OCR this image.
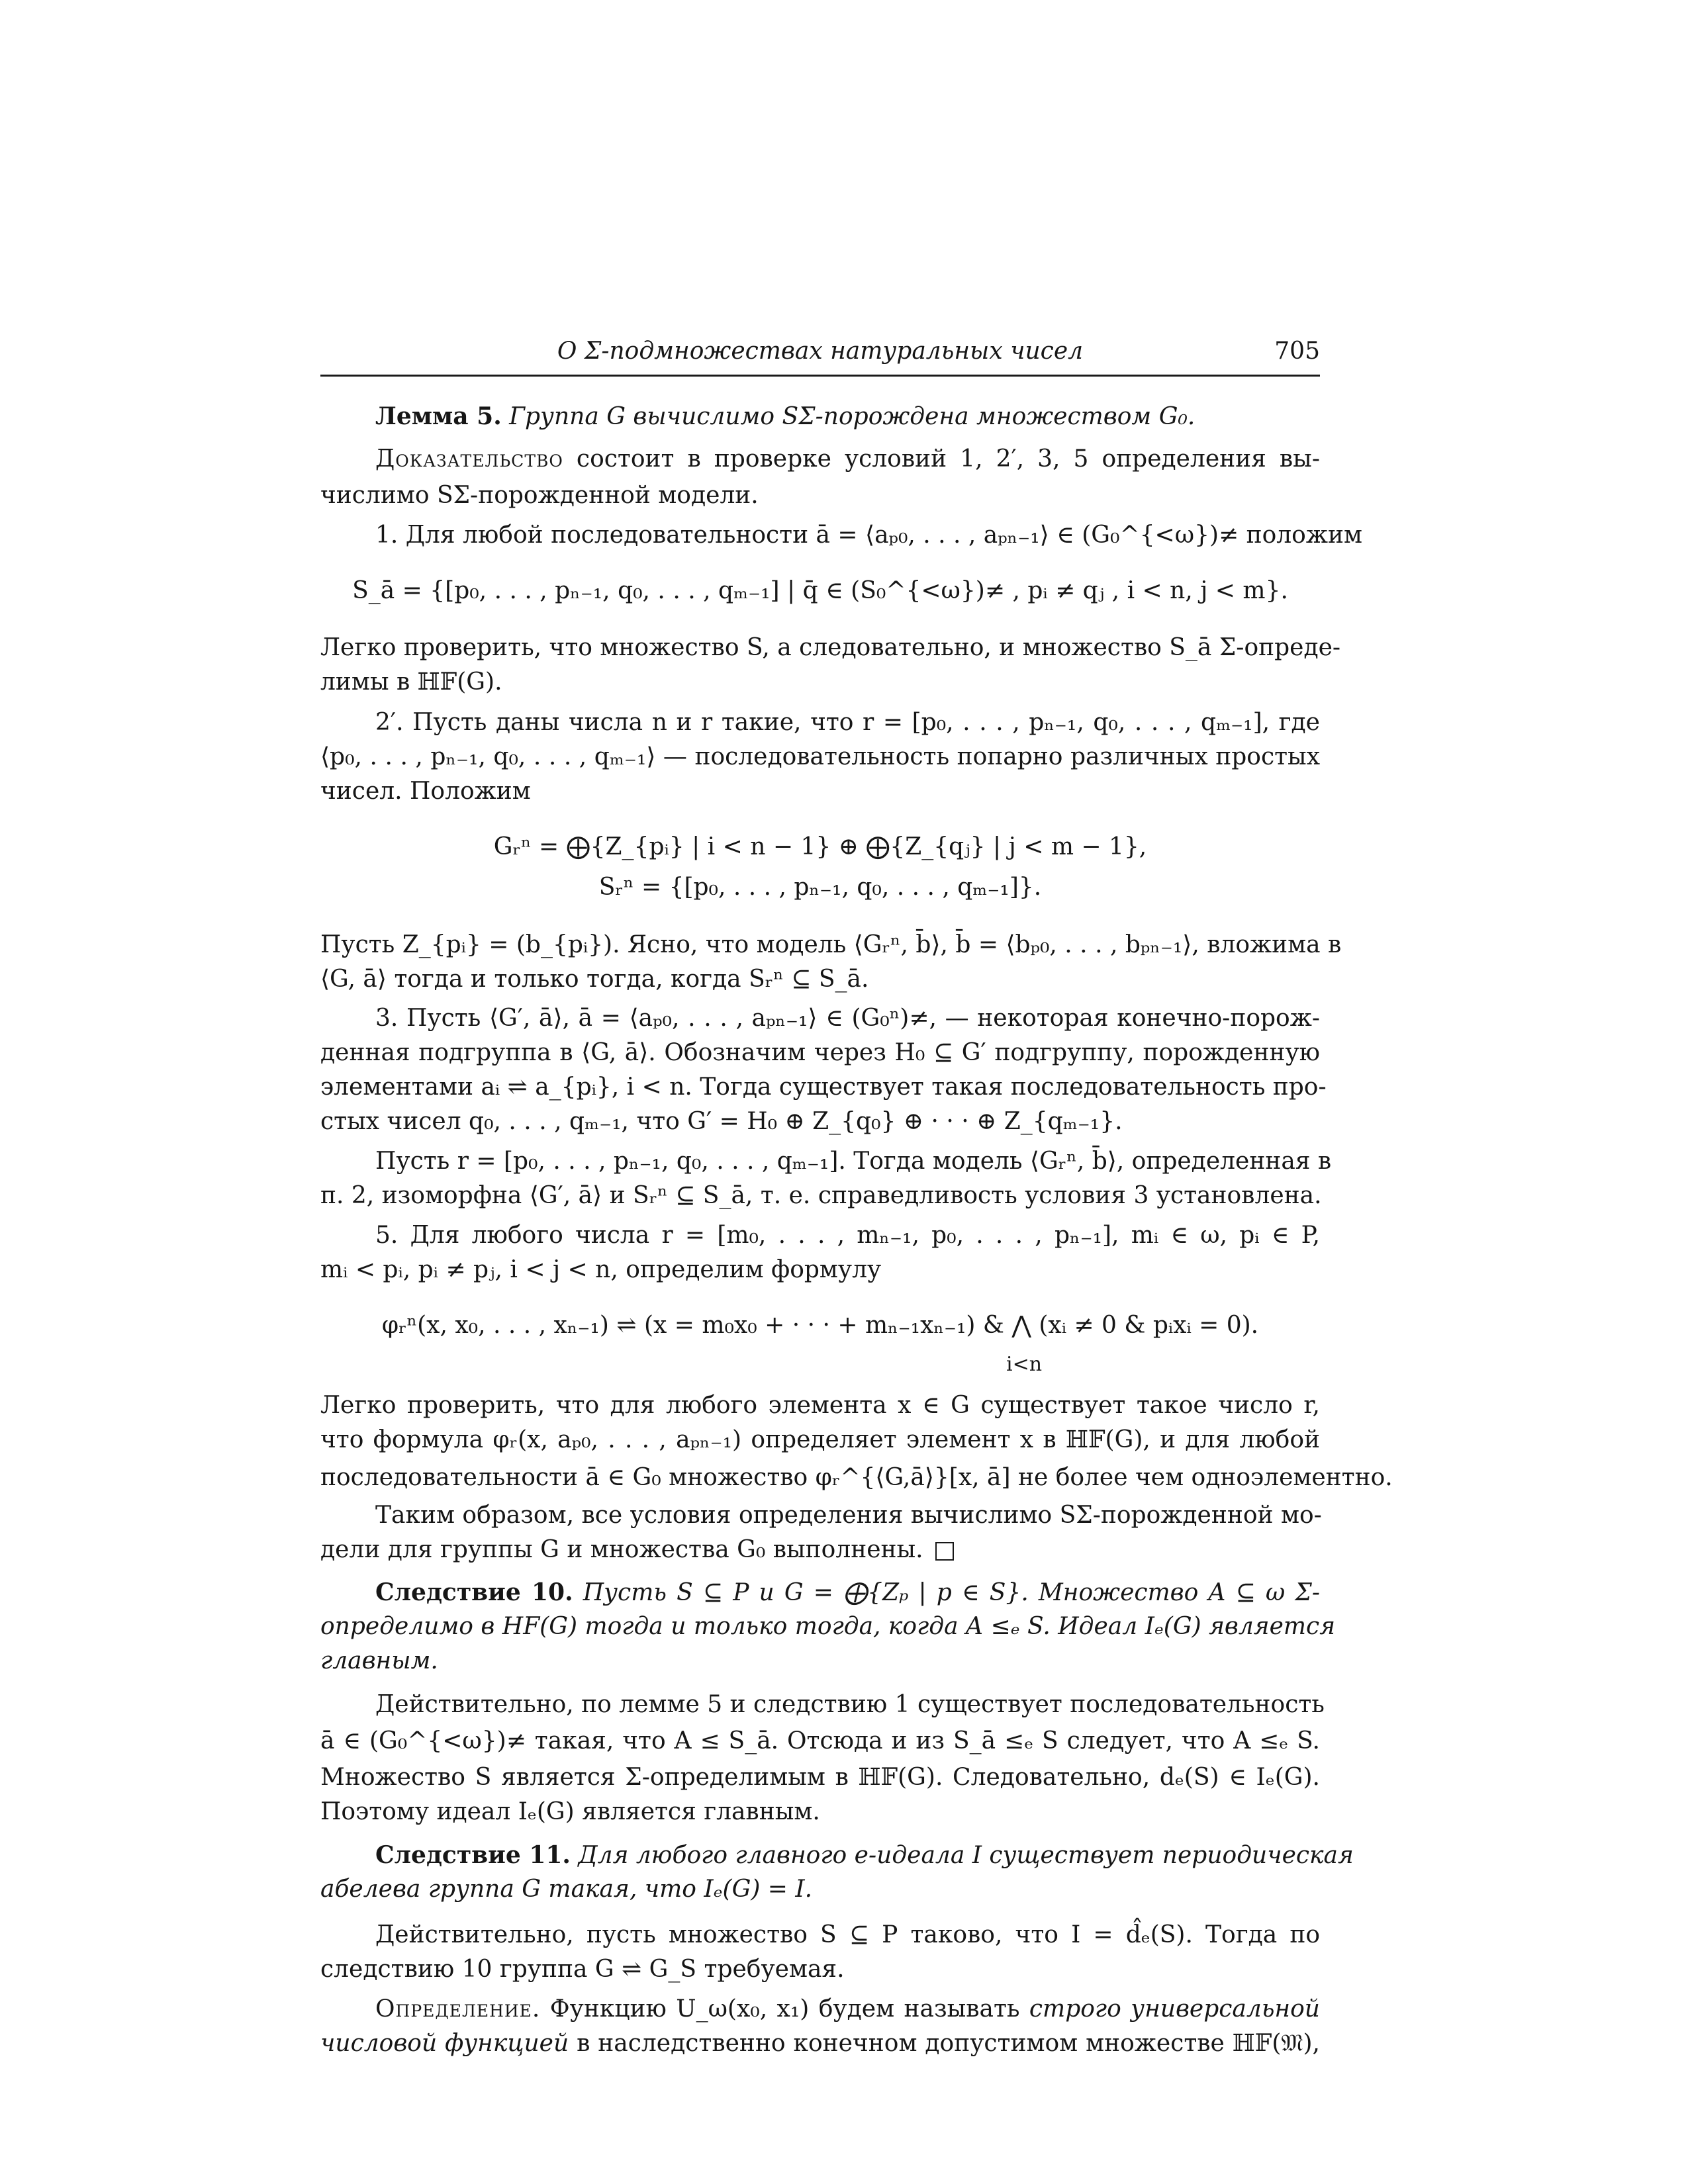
О Σ-подмножествах натуральных чисел	705
Лемма 5. Группа G вычислимо SΣ-порождена множеством G₀.
Доказательство состоит в проверке условий 1, 2′, 3, 5 определения вы-
числимо SΣ-порожденной модели.
1. Для любой последовательности ā = ⟨aₚ₀, . . . , aₚₙ₋₁⟩ ∈ (G₀^{<ω})≠ положим
S_ā = {[p₀, . . . , pₙ₋₁, q₀, . . . , qₘ₋₁] | q̄ ∈ (S₀^{<ω})≠ , pᵢ ≠ qⱼ , i < n, j < m}.
Легко проверить, что множество S, а следовательно, и множество S_ā Σ-опреде-
лимы в ℍ𝔽(G).
2′. Пусть даны числа n и r такие, что r = [p₀, . . . , pₙ₋₁, q₀, . . . , qₘ₋₁], где
⟨p₀, . . . , pₙ₋₁, q₀, . . . , qₘ₋₁⟩ — последовательность попарно различных простых
чисел. Положим
Gᵣⁿ = ⨁{Z_{pᵢ} | i < n − 1} ⊕ ⨁{Z_{qⱼ} | j < m − 1},
Sᵣⁿ = {[p₀, . . . , pₙ₋₁, q₀, . . . , qₘ₋₁]}.
Пусть Z_{pᵢ} = (b_{pᵢ}). Ясно, что модель ⟨Gᵣⁿ, b̄⟩, b̄ = ⟨bₚ₀, . . . , bₚₙ₋₁⟩, вложима в
⟨G, ā⟩ тогда и только тогда, когда Sᵣⁿ ⊆ S_ā.
3. Пусть ⟨G′, ā⟩, ā = ⟨aₚ₀, . . . , aₚₙ₋₁⟩ ∈ (G₀ⁿ)≠, — некоторая конечно-порож-
денная подгруппа в ⟨G, ā⟩. Обозначим через H₀ ⊆ G′ подгруппу, порожденную
элементами aᵢ ⇌ a_{pᵢ}, i < n. Тогда существует такая последовательность про-
стых чисел q₀, . . . , qₘ₋₁, что G′ = H₀ ⊕ Z_{q₀} ⊕ · · · ⊕ Z_{qₘ₋₁}.
Пусть r = [p₀, . . . , pₙ₋₁, q₀, . . . , qₘ₋₁]. Тогда модель ⟨Gᵣⁿ, b̄⟩, определенная в
п. 2, изоморфна ⟨G′, ā⟩ и Sᵣⁿ ⊆ S_ā, т. е. справедливость условия 3 установлена.
5. Для любого числа r = [m₀, . . . , mₙ₋₁, p₀, . . . , pₙ₋₁], mᵢ ∈ ω, pᵢ ∈ P,
mᵢ < pᵢ, pᵢ ≠ pⱼ, i < j < n, определим формулу
φᵣⁿ(x, x₀, . . . , xₙ₋₁) ⇌ (x = m₀x₀ + · · · + mₙ₋₁xₙ₋₁) & ⋀ (xᵢ ≠ 0 & pᵢxᵢ = 0).
i<n
Легко проверить, что для любого элемента x ∈ G существует такое число r,
что формула φᵣ(x, aₚ₀, . . . , aₚₙ₋₁) определяет элемент x в ℍ𝔽(G), и для любой
последовательности ā ∈ G₀ множество φᵣ^{⟨G,ā⟩}[x, ā] не более чем одноэлементно.
Таким образом, все условия определения вычислимо SΣ-порожденной мо-
дели для группы G и множества G₀ выполнены.
Следствие 10. Пусть S ⊆ P и G = ⨁{Zₚ | p ∈ S}. Множество A ⊆ ω Σ-
определимо в HF(G) тогда и только тогда, когда A ≤ₑ S. Идеал Iₑ(G) является
главным.
Действительно, по лемме 5 и следствию 1 существует последовательность
ā ∈ (G₀^{<ω})≠ такая, что A ≤ S_ā. Отсюда и из S_ā ≤ₑ S следует, что A ≤ₑ S.
Множество S является Σ-определимым в ℍ𝔽(G). Следовательно, dₑ(S) ∈ Iₑ(G).
Поэтому идеал Iₑ(G) является главным.
Следствие 11. Для любого главного e-идеала I существует периодическая
абелева группа G такая, что Iₑ(G) = I.
Действительно, пусть множество S ⊆ P таково, что I = d̂ₑ(S). Тогда по
следствию 10 группа G ⇌ G_S требуемая.
Определение. Функцию U_ω(x₀, x₁) будем называть строго универсальной
числовой функцией в наследственно конечном допустимом множестве ℍ𝔽(𝔐),
